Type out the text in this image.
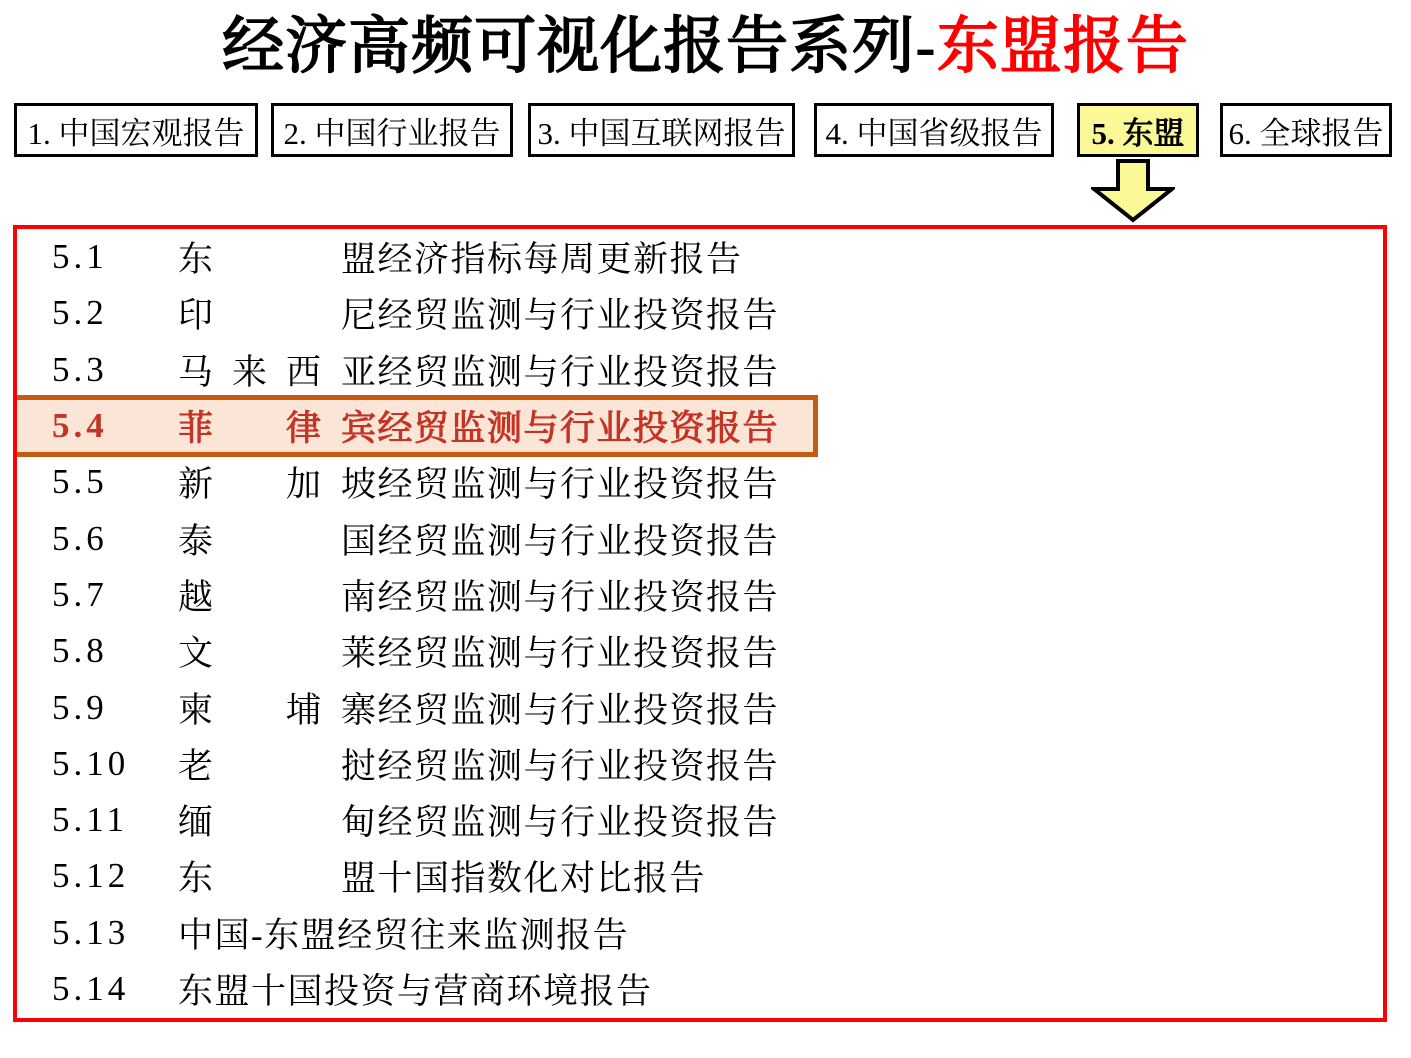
经济高频可视化报告系列-东盟报告
1. 中国宏观报告 2. 中国行业报告 3. 中国互联网报告 4. 中国省级报告 5. 东盟 6. 全球报告
5.1	东	盟经济指标每周更新报告
5.2	印	尼经贸监测与行业投资报告
5.3	马来西 亚经贸监测与行业投资报告
5.4	菲律 宾经贸监测与行业投资报告
5.5	新加 坡经贸监测与行业投资报告
5.6	泰	国经贸监测与行业投资报告
5.7	越	南经贸监测与行业投资报告
5.8	文	莱经贸监测与行业投资报告
5.9	柬埔 寨经贸监测与行业投资报告
5.10	老	挝经贸监测与行业投资报告
5.11	缅	甸经贸监测与行业投资报告
5.12	东	盟十国指数化对比报告
5.13	中国-东盟经贸往来监测报告
5.14	东盟十国投资与营商环境报告
